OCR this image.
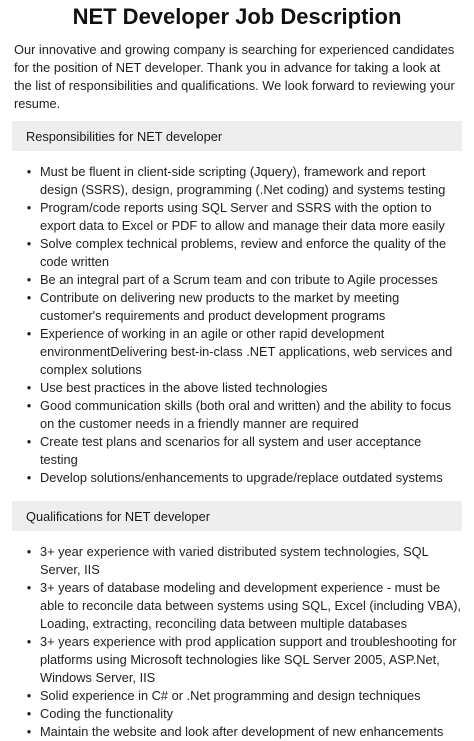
NET Developer Job Description

Our innovative and growing company is searching for experienced candidates for the position of NET developer. Thank you in advance for taking a look at the list of responsibilities and qualifications. We look forward to reviewing your resume.

Responsibilities for NET developer
• Must be fluent in client-side scripting (Jquery), framework and report design (SSRS), design, programming (.Net coding) and systems testing
• Program/code reports using SQL Server and SSRS with the option to export data to Excel or PDF to allow and manage their data more easily
• Solve complex technical problems, review and enforce the quality of the code written
• Be an integral part of a Scrum team and con tribute to Agile processes
• Contribute on delivering new products to the market by meeting customer's requirements and product development programs
• Experience of working in an agile or other rapid development environmentDelivering best-in-class .NET applications, web services and complex solutions
• Use best practices in the above listed technologies
• Good communication skills (both oral and written) and the ability to focus on the customer needs in a friendly manner are required
• Create test plans and scenarios for all system and user acceptance testing
• Develop solutions/enhancements to upgrade/replace outdated systems
Qualifications for NET developer
• 3+ year experience with varied distributed system technologies, SQL Server, IIS
• 3+ years of database modeling and development experience - must be able to reconcile data between systems using SQL, Excel (including VBA), Loading, extracting, reconciling data between multiple databases
• 3+ years experience with prod application support and troubleshooting for platforms using Microsoft technologies like SQL Server 2005, ASP.Net, Windows Server, IIS
• Solid experience in C# or .Net programming and design techniques
• Coding the functionality
• Maintain the website and look after development of new enhancements
